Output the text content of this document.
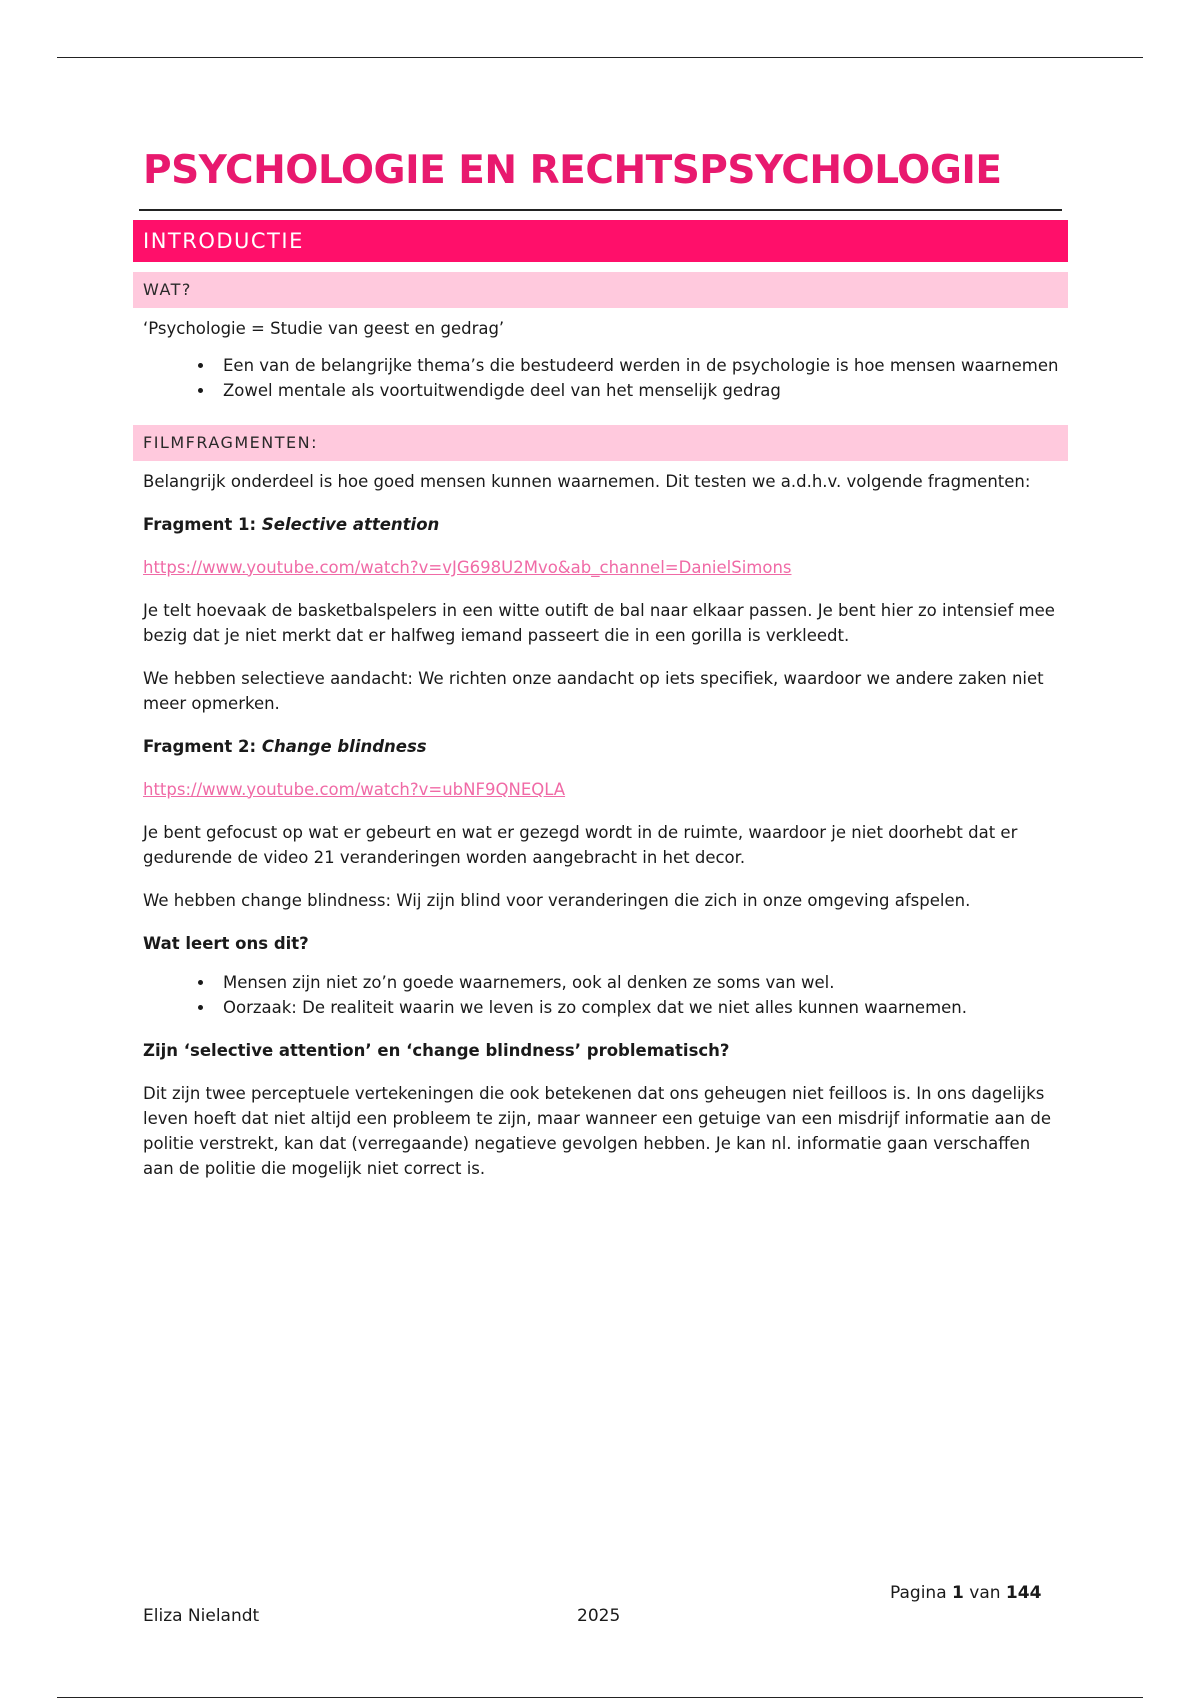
PSYCHOLOGIE EN RECHTSPSYCHOLOGIE
INTRODUCTIE
WAT?
‘Psychologie = Studie van geest en gedrag’
• Een van de belangrijke thema’s die bestudeerd werden in de psychologie is hoe mensen waarnemen
• Zowel mentale als voortuitwendigde deel van het menselijk gedrag
FILMFRAGMENTEN:
Belangrijk onderdeel is hoe goed mensen kunnen waarnemen. Dit testen we a.d.h.v. volgende fragmenten:
Fragment 1: Selective attention
https://www.youtube.com/watch?v=vJG698U2Mvo&ab_channel=DanielSimons
Je telt hoevaak de basketbalspelers in een witte outift de bal naar elkaar passen. Je bent hier zo intensief mee bezig dat je niet merkt dat er halfweg iemand passeert die in een gorilla is verkleedt.
We hebben selectieve aandacht: We richten onze aandacht op iets specifiek, waardoor we andere zaken niet meer opmerken.
Fragment 2: Change blindness
https://www.youtube.com/watch?v=ubNF9QNEQLA
Je bent gefocust op wat er gebeurt en wat er gezegd wordt in de ruimte, waardoor je niet doorhebt dat er gedurende de video 21 veranderingen worden aangebracht in het decor.
We hebben change blindness: Wij zijn blind voor veranderingen die zich in onze omgeving afspelen.
Wat leert ons dit?
• Mensen zijn niet zo’n goede waarnemers, ook al denken ze soms van wel.
• Oorzaak: De realiteit waarin we leven is zo complex dat we niet alles kunnen waarnemen.
Zijn ‘selective attention’ en ‘change blindness’ problematisch?
Dit zijn twee perceptuele vertekeningen die ook betekenen dat ons geheugen niet feilloos is. In ons dagelijks leven hoeft dat niet altijd een probleem te zijn, maar wanneer een getuige van een misdrijf informatie aan de politie verstrekt, kan dat (verregaande) negatieve gevolgen hebben. Je kan nl. informatie gaan verschaffen aan de politie die mogelijk niet correct is.
Pagina 1 van 144
Eliza Nielandt	2025
